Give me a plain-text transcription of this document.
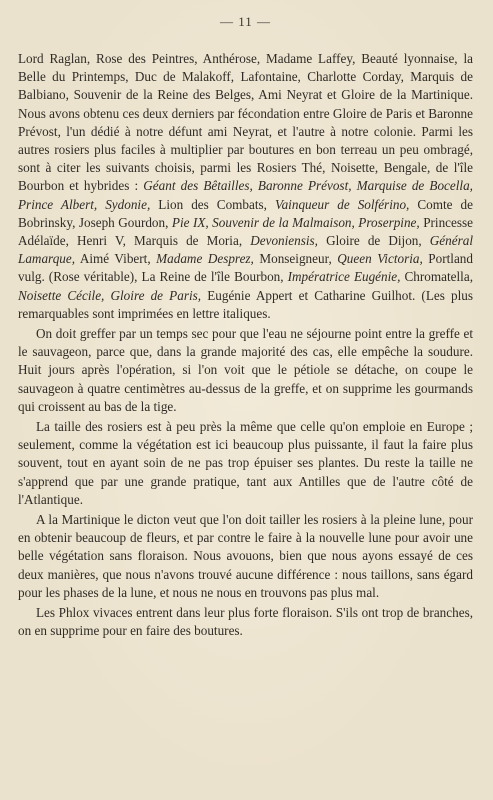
— 11 —

Lord Raglan, Rose des Peintres, Anthérose, Madame Laffey, Beauté lyonnaise, la Belle du Printemps, Duc de Malakoff, Lafontaine, Charlotte Corday, Marquis de Balbiano, Souvenir de la Reine des Belges, Ami Neyrat et Gloire de la Martinique. Nous avons obtenu ces deux derniers par fécondation entre Gloire de Paris et Baronne Prévost, l'un dédié à notre défunt ami Neyrat, et l'autre à notre colonie. Parmi les autres rosiers plus faciles à multiplier par boutures en bon terreau un peu ombragé, sont à citer les suivants choisis, parmi les Rosiers Thé, Noisette, Bengale, de l'île Bourbon et hybrides : Géant des Bêtailles, Baronne Prévost, Marquise de Bocella, Prince Albert, Sydonie, Lion des Combats, Vainqueur de Solférino, Comte de Bobrinsky, Joseph Gourdon, Pie IX, Souvenir de la Malmaison, Proserpine, Princesse Adélaïde, Henri V, Marquis de Moria, Devoniensis, Gloire de Dijon, Général Lamarque, Aimé Vibert, Madame Desprez, Monseigneur, Queen Victoria, Portland vulg. (Rose véritable), La Reine de l'île Bourbon, Impératrice Eugénie, Chromatella, Noisette Cécile, Gloire de Paris, Eugénie Appert et Catharine Guilhot. (Les plus remarquables sont imprimées en lettre italiques.

On doit greffer par un temps sec pour que l'eau ne séjourne point entre la greffe et le sauvageon, parce que, dans la grande majorité des cas, elle empêche la soudure. Huit jours après l'opération, si l'on voit que le pétiole se détache, on coupe le sauvageon à quatre centimètres au-dessus de la greffe, et on supprime les gourmands qui croissent au bas de la tige.

La taille des rosiers est à peu près la même que celle qu'on emploie en Europe ; seulement, comme la végétation est ici beaucoup plus puissante, il faut la faire plus souvent, tout en ayant soin de ne pas trop épuiser ses plantes. Du reste la taille ne s'apprend que par une grande pratique, tant aux Antilles que de l'autre côté de l'Atlantique.

A la Martinique le dicton veut que l'on doit tailler les rosiers à la pleine lune, pour en obtenir beaucoup de fleurs, et par contre le faire à la nouvelle lune pour avoir une belle végétation sans floraison. Nous avouons, bien que nous ayons essayé de ces deux manières, que nous n'avons trouvé aucune différence : nous taillons, sans égard pour les phases de la lune, et nous ne nous en trouvons pas plus mal.

Les Phlox vivaces entrent dans leur plus forte floraison. S'ils ont trop de branches, on en supprime pour en faire des boutures.
